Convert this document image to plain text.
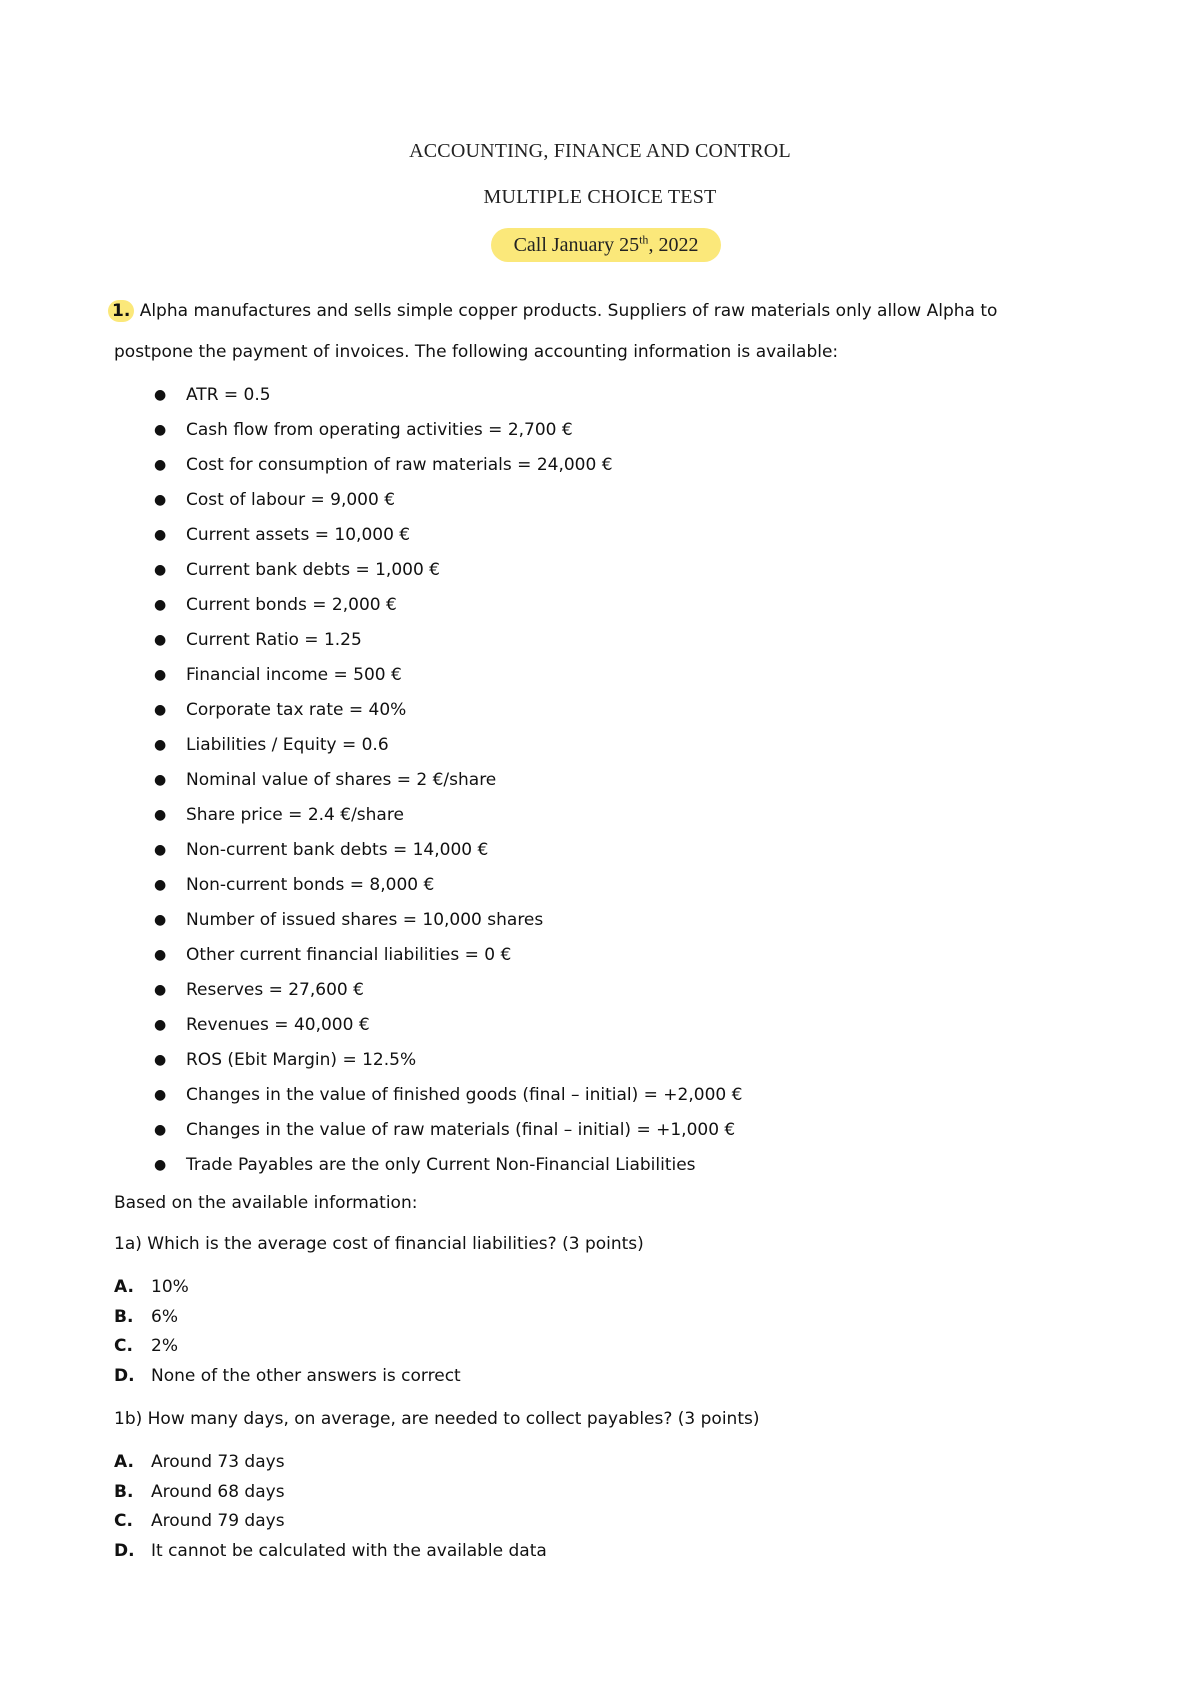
ACCOUNTING, FINANCE AND CONTROL
MULTIPLE CHOICE TEST
Call January 25th, 2022
1. Alpha manufactures and sells simple copper products. Suppliers of raw materials only allow Alpha to
postpone the payment of invoices. The following accounting information is available:
● ATR = 0.5
● Cash flow from operating activities = 2,700 €
● Cost for consumption of raw materials = 24,000 €
● Cost of labour = 9,000 €
● Current assets = 10,000 €
● Current bank debts = 1,000 €
● Current bonds = 2,000 €
● Current Ratio = 1.25
● Financial income = 500 €
● Corporate tax rate = 40%
● Liabilities / Equity = 0.6
● Nominal value of shares = 2 €/share
● Share price = 2.4 €/share
● Non-current bank debts = 14,000 €
● Non-current bonds = 8,000 €
● Number of issued shares = 10,000 shares
● Other current financial liabilities = 0 €
● Reserves = 27,600 €
● Revenues = 40,000 €
● ROS (Ebit Margin) = 12.5%
● Changes in the value of finished goods (final – initial) = +2,000 €
● Changes in the value of raw materials (final – initial) = +1,000 €
● Trade Payables are the only Current Non-Financial Liabilities
Based on the available information:
1a) Which is the average cost of financial liabilities? (3 points)
A. 10%
B. 6%
C. 2%
D. None of the other answers is correct
1b) How many days, on average, are needed to collect payables? (3 points)
A. Around 73 days
B. Around 68 days
C. Around 79 days
D. It cannot be calculated with the available data
